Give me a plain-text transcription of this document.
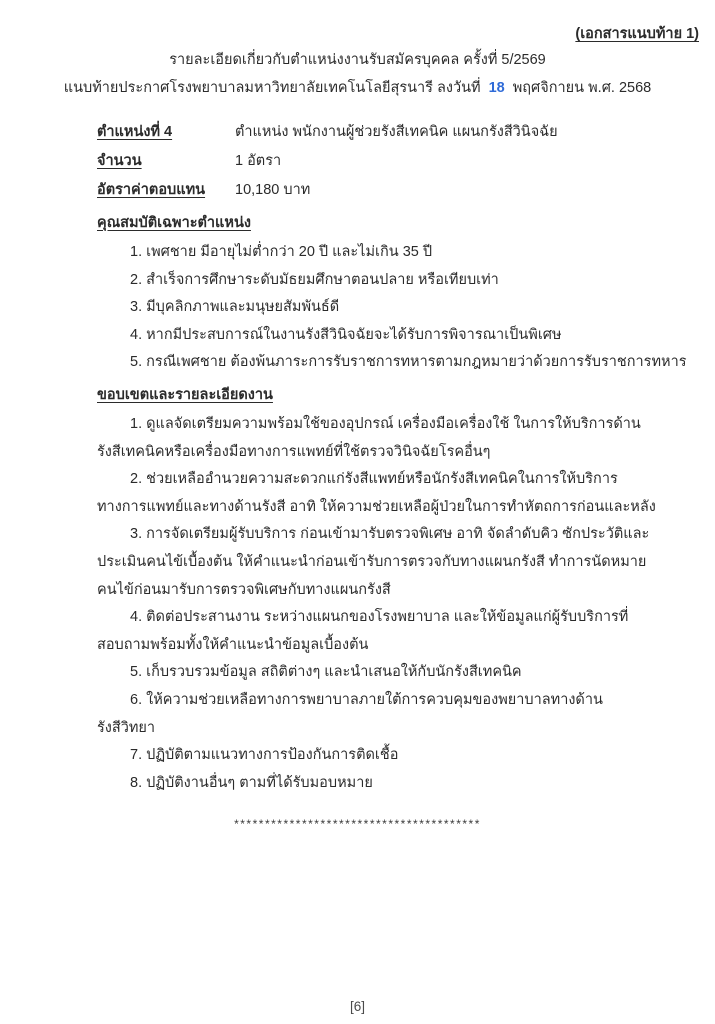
(เอกสารแนบท้าย 1)
รายละเอียดเกี่ยวกับตำแหน่งงานรับสมัครบุคคล ครั้งที่ 5/2569
แนบท้ายประกาศโรงพยาบาลมหาวิทยาลัยเทคโนโลยีสุรนารี ลงวันที่ 18 พฤศจิกายน พ.ศ. 2568
ตำแหน่งที่ 4	ตำแหน่ง พนักงานผู้ช่วยรังสีเทคนิค แผนกรังสีวินิจฉัย
จำนวน	1 อัตรา
อัตราค่าตอบแทน	10,180 บาท
คุณสมบัติเฉพาะตำแหน่ง
1. เพศชาย มีอายุไม่ต่ำกว่า 20 ปี และไม่เกิน 35 ปี
2. สำเร็จการศึกษาระดับมัธยมศึกษาตอนปลาย หรือเทียบเท่า
3. มีบุคลิกภาพและมนุษยสัมพันธ์ดี
4. หากมีประสบการณ์ในงานรังสีวินิจฉัยจะได้รับการพิจารณาเป็นพิเศษ
5. กรณีเพศชาย ต้องพ้นภาระการรับราชการทหารตามกฎหมายว่าด้วยการรับราชการทหาร
ขอบเขตและรายละเอียดงาน

1. ดูแลจัดเตรียมความพร้อมใช้ของอุปกรณ์ เครื่องมือเครื่องใช้ ในการให้บริการด้านรังสีเทคนิคหรือเครื่องมือทางการแพทย์ที่ใช้ตรวจวินิจฉัยโรคอื่นๆ

2. ช่วยเหลืออำนวยความสะดวกแก่รังสีแพทย์หรือนักรังสีเทคนิคในการให้บริการทางการแพทย์และทางด้านรังสี อาทิ ให้ความช่วยเหลือผู้ป่วยในการทำหัตถการก่อนและหลัง

3. การจัดเตรียมผู้รับบริการ ก่อนเข้ามารับตรวจพิเศษ อาทิ จัดลำดับคิว ซักประวัติและประเมินคนไข้เบื้องต้น ให้คำแนะนำก่อนเข้ารับการตรวจกับทางแผนกรังสี ทำการนัดหมายคนไข้ก่อนมารับการตรวจพิเศษกับทางแผนกรังสี

4. ติดต่อประสานงาน ระหว่างแผนกของโรงพยาบาล และให้ข้อมูลแก่ผู้รับบริการที่สอบถามพร้อมทั้งให้คำแนะนำข้อมูลเบื้องต้น

5. เก็บรวบรวมข้อมูล สถิติต่างๆ และนำเสนอให้กับนักรังสีเทคนิค

6. ให้ความช่วยเหลือทางการพยาบาลภายใต้การควบคุมของพยาบาลทางด้านรังสีวิทยา

7. ปฏิบัติตามแนวทางการป้องกันการติดเชื้อ

8. ปฏิบัติงานอื่นๆ ตามที่ได้รับมอบหมาย

****************************************
[6]
